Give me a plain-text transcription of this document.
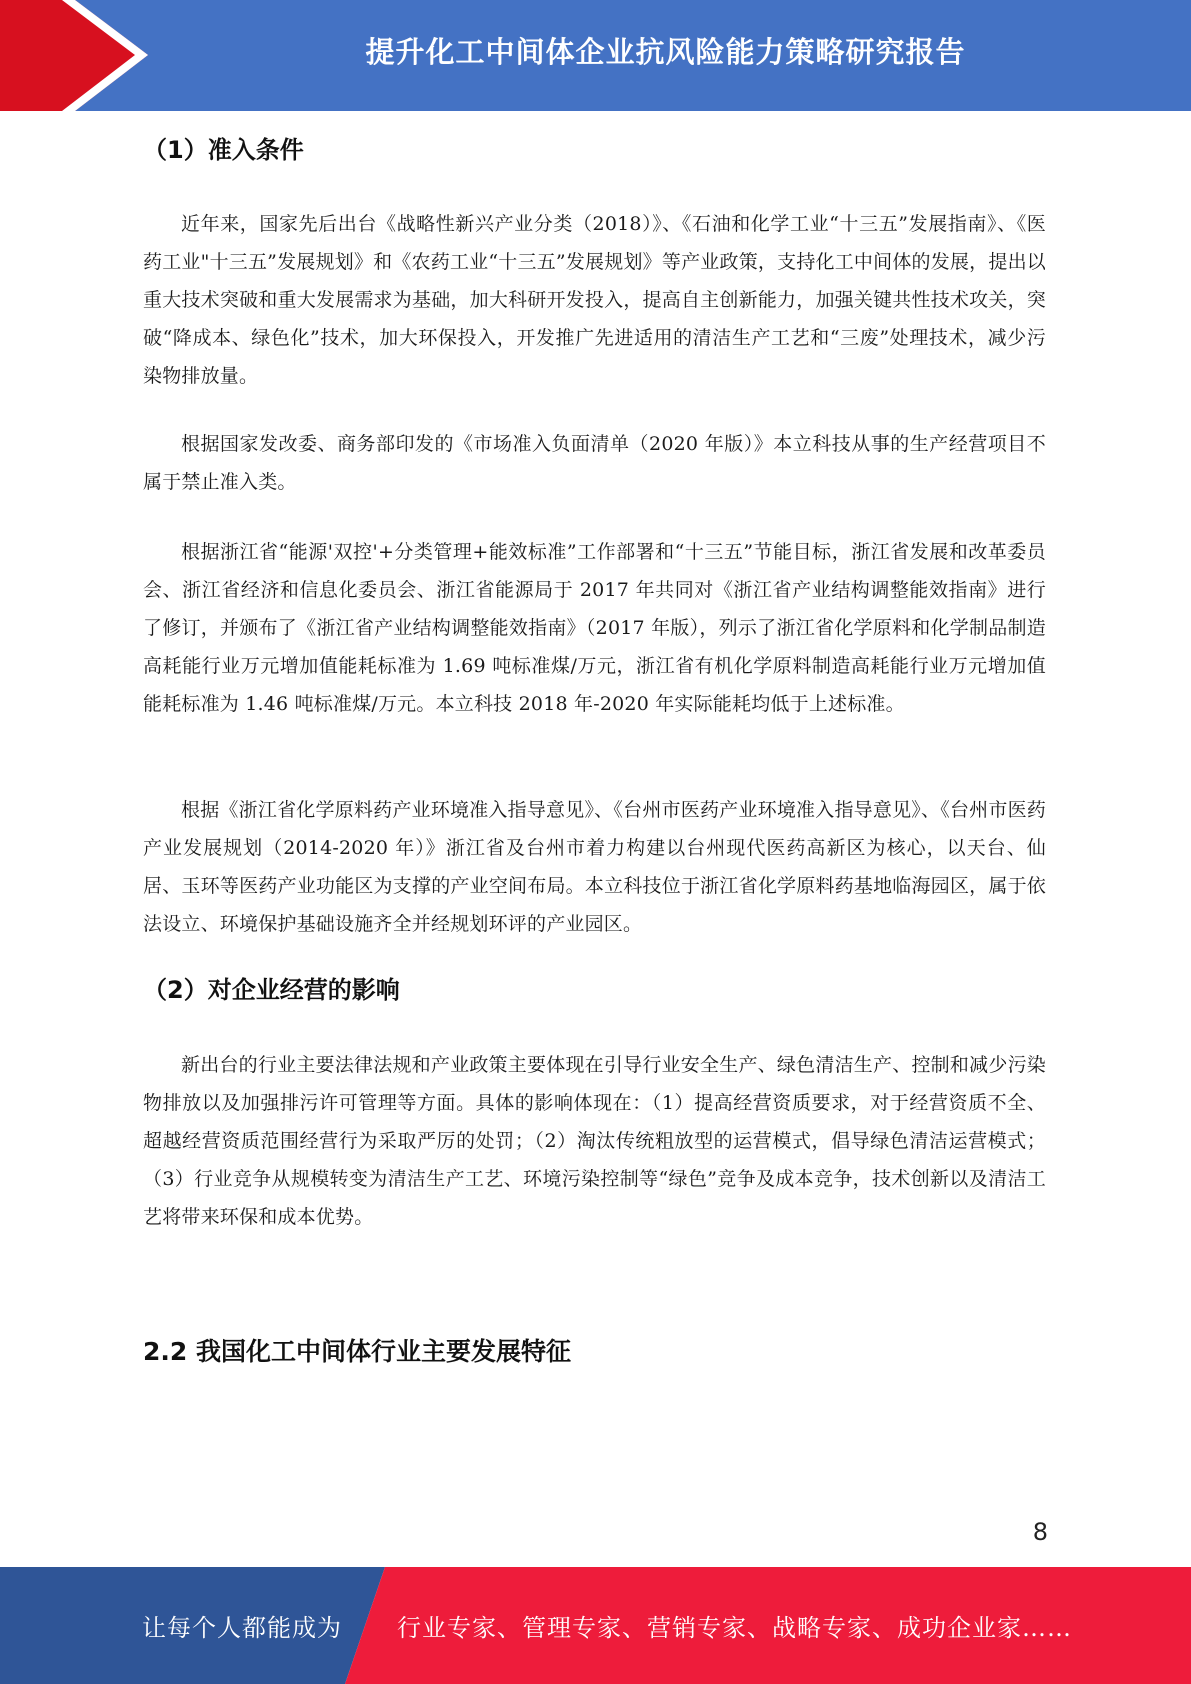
提升化工中间体企业抗风险能力策略研究报告
（1）准入条件

近年来，国家先后出台《战略性新兴产业分类（2018）》、《石油和化学工业“十三五”发展指南》、《医药工业"十三五”发展规划》和《农药工业“十三五”发展规划》等产业政策，支持化工中间体的发展，提出以重大技术突破和重大发展需求为基础，加大科研开发投入，提高自主创新能力，加强关键共性技术攻关，突破“降成本、绿色化”技术，加大环保投入，开发推广先进适用的清洁生产工艺和“三废”处理技术，减少污染物排放量。

根据国家发改委、商务部印发的《市场准入负面清单（2020 年版）》本立科技从事的生产经营项目不属于禁止准入类。

根据浙江省“能源'双控'+分类管理+能效标准”工作部署和“十三五”节能目标，浙江省发展和改革委员会、浙江省经济和信息化委员会、浙江省能源局于 2017 年共同对《浙江省产业结构调整能效指南》进行了修订，并颁布了《浙江省产业结构调整能效指南》（2017 年版），列示了浙江省化学原料和化学制品制造高耗能行业万元增加值能耗标准为 1.69 吨标准煤/万元，浙江省有机化学原料制造高耗能行业万元增加值能耗标准为 1.46 吨标准煤/万元。本立科技 2018 年-2020 年实际能耗均低于上述标准。

根据《浙江省化学原料药产业环境准入指导意见》、《台州市医药产业环境准入指导意见》、《台州市医药产业发展规划（2014-2020 年）》浙江省及台州市着力构建以台州现代医药高新区为核心，以天台、仙居、玉环等医药产业功能区为支撑的产业空间布局。本立科技位于浙江省化学原料药基地临海园区，属于依法设立、环境保护基础设施齐全并经规划环评的产业园区。

（2）对企业经营的影响

新出台的行业主要法律法规和产业政策主要体现在引导行业安全生产、绿色清洁生产、控制和减少污染物排放以及加强排污许可管理等方面。具体的影响体现在：（1）提高经营资质要求，对于经营资质不全、超越经营资质范围经营行为采取严厉的处罚；（2）淘汰传统粗放型的运营模式，倡导绿色清洁运营模式；（3）行业竞争从规模转变为清洁生产工艺、环境污染控制等“绿色”竞争及成本竞争，技术创新以及清洁工艺将带来环保和成本优势。

2.2 我国化工中间体行业主要发展特征
8
让每个人都能成为 行业专家、管理专家、营销专家、战略专家、成功企业家……
